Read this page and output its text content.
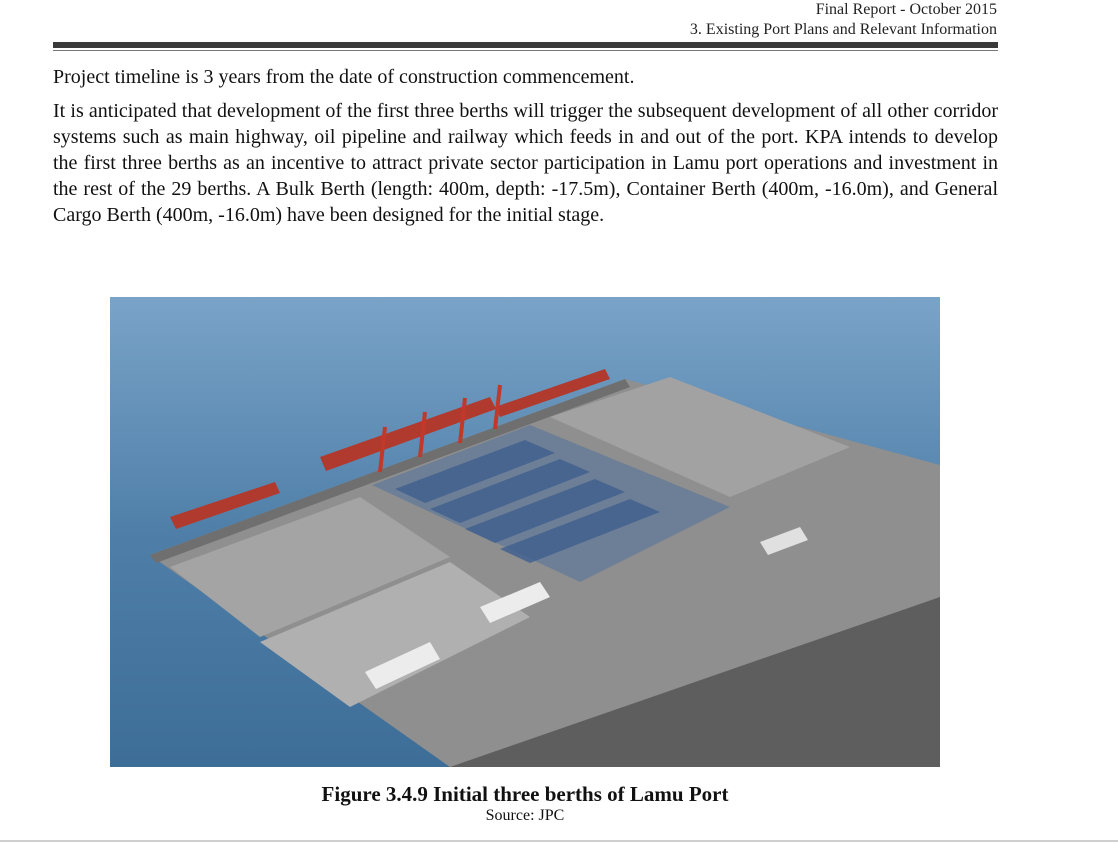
Final Report - October 2015
3. Existing Port Plans and Relevant Information

Project timeline is 3 years from the date of construction commencement.

It is anticipated that development of the first three berths will trigger the subsequent development of all other corridor systems such as main highway, oil pipeline and railway which feeds in and out of the port. KPA intends to develop the first three berths as an incentive to attract private sector participation in Lamu port operations and investment in the rest of the 29 berths. A Bulk Berth (length: 400m, depth: -17.5m), Container Berth (400m, -16.0m), and General Cargo Berth (400m, -16.0m) have been designed for the initial stage.

Figure 3.4.9 Initial three berths of Lamu Port
Source: JPC
